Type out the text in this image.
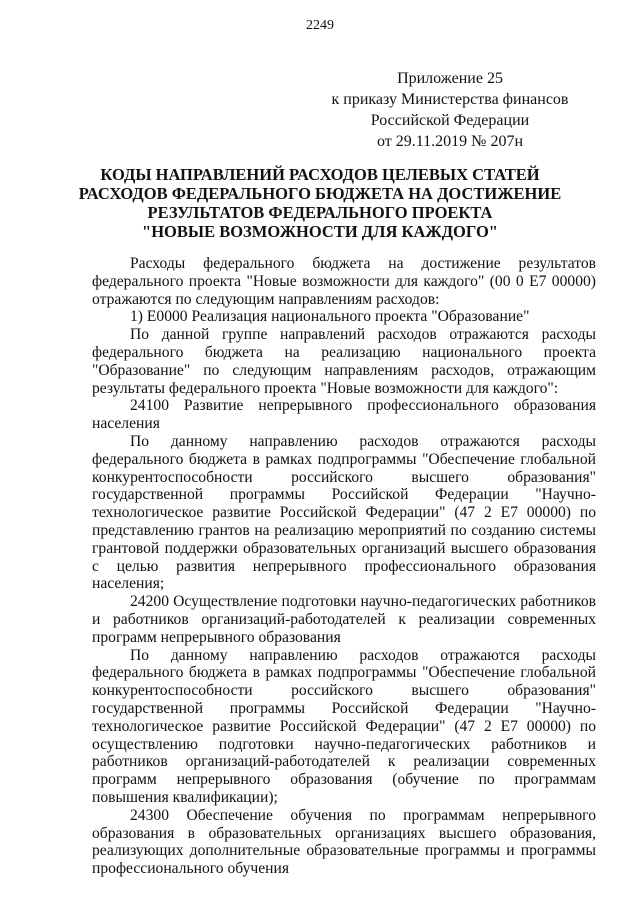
2249
Приложение 25
к приказу Министерства финансов
Российской Федерации
от 29.11.2019 № 207н
КОДЫ НАПРАВЛЕНИЙ РАСХОДОВ ЦЕЛЕВЫХ СТАТЕЙ
РАСХОДОВ ФЕДЕРАЛЬНОГО БЮДЖЕТА НА ДОСТИЖЕНИЕ
РЕЗУЛЬТАТОВ ФЕДЕРАЛЬНОГО ПРОЕКТА
"НОВЫЕ ВОЗМОЖНОСТИ ДЛЯ КАЖДОГО"

Расходы федерального бюджета на достижение результатов федерального проекта "Новые возможности для каждого" (00 0 Е7 00000) отражаются по следующим направлениям расходов:

1) Е0000 Реализация национального проекта "Образование"

По данной группе направлений расходов отражаются расходы федерального бюджета на реализацию национального проекта "Образование" по следующим направлениям расходов, отражающим результаты федерального проекта "Новые возможности для каждого":

24100 Развитие непрерывного профессионального образования населения

По данному направлению расходов отражаются расходы федерального бюджета в рамках подпрограммы "Обеспечение глобальной конкурентоспособности российского высшего образования" государственной программы Российской Федерации "Научно-технологическое развитие Российской Федерации" (47 2 Е7 00000) по представлению грантов на реализацию мероприятий по созданию системы грантовой поддержки образовательных организаций высшего образования с целью развития непрерывного профессионального образования населения;

24200 Осуществление подготовки научно-педагогических работников и работников организаций-работодателей к реализации современных программ непрерывного образования

По данному направлению расходов отражаются расходы федерального бюджета в рамках подпрограммы "Обеспечение глобальной конкурентоспособности российского высшего образования" государственной программы Российской Федерации "Научно-технологическое развитие Российской Федерации" (47 2 Е7 00000) по осуществлению подготовки научно-педагогических работников и работников организаций-работодателей к реализации современных программ непрерывного образования (обучение по программам повышения квалификации);

24300 Обеспечение обучения по программам непрерывного образования в образовательных организациях высшего образования, реализующих дополнительные образовательные программы и программы профессионального обучения
